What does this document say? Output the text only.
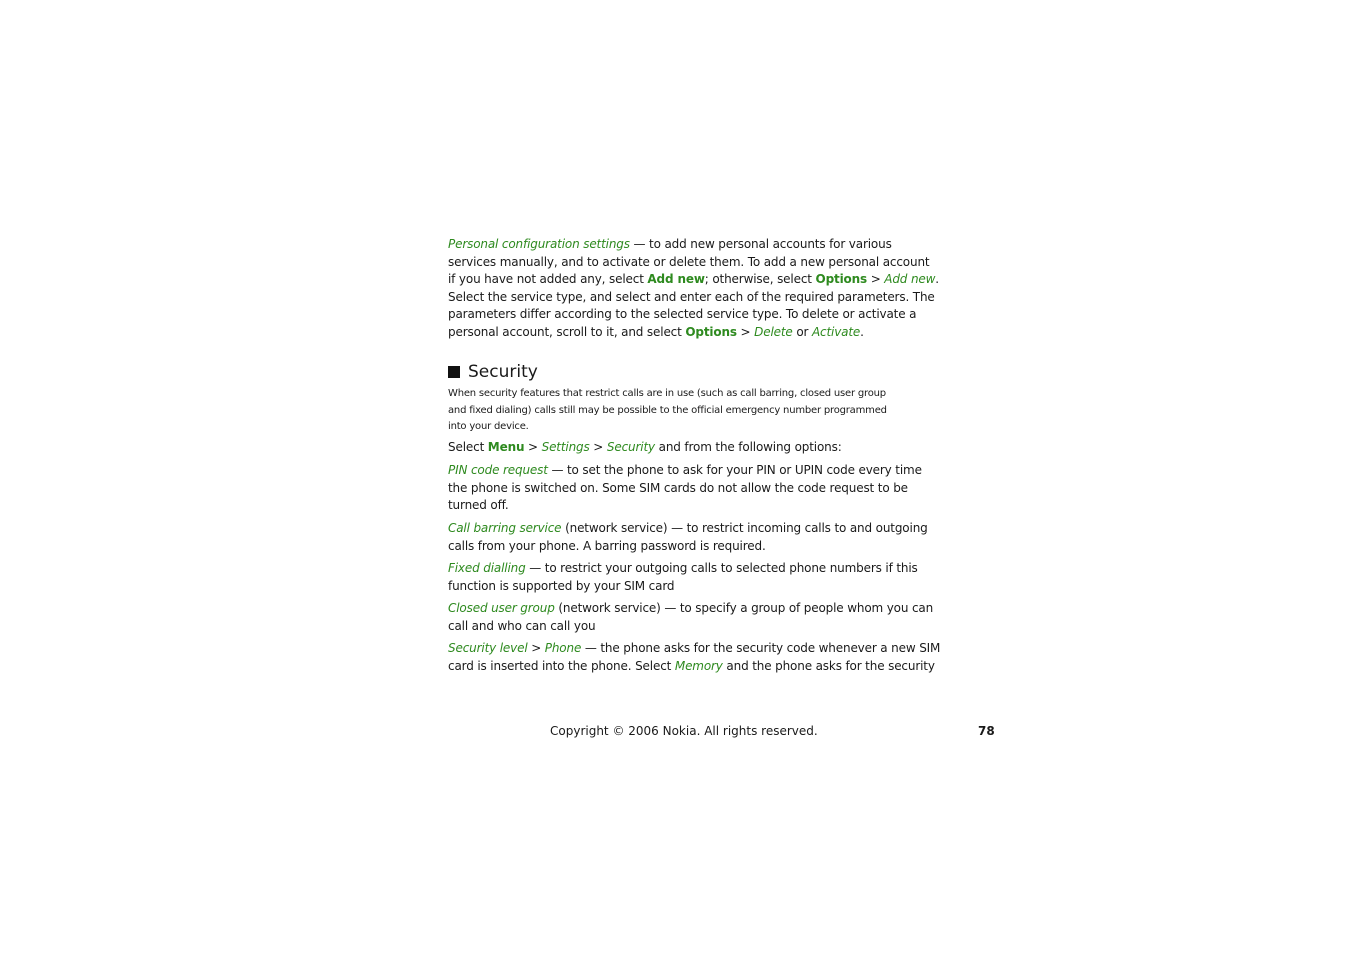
Personal configuration settings — to add new personal accounts for various
services manually, and to activate or delete them. To add a new personal account
if you have not added any, select Add new; otherwise, select Options > Add new.
Select the service type, and select and enter each of the required parameters. The
parameters differ according to the selected service type. To delete or activate a
personal account, scroll to it, and select Options > Delete or Activate.

Security

When security features that restrict calls are in use (such as call barring, closed user group
and fixed dialing) calls still may be possible to the official emergency number programmed
into your device.

Select Menu > Settings > Security and from the following options:

PIN code request — to set the phone to ask for your PIN or UPIN code every time
the phone is switched on. Some SIM cards do not allow the code request to be
turned off.

Call barring service (network service) — to restrict incoming calls to and outgoing
calls from your phone. A barring password is required.

Fixed dialling — to restrict your outgoing calls to selected phone numbers if this
function is supported by your SIM card

Closed user group (network service) — to specify a group of people whom you can
call and who can call you

Security level > Phone — the phone asks for the security code whenever a new SIM
card is inserted into the phone. Select Memory and the phone asks for the security

Copyright © 2006 Nokia. All rights reserved.	78
